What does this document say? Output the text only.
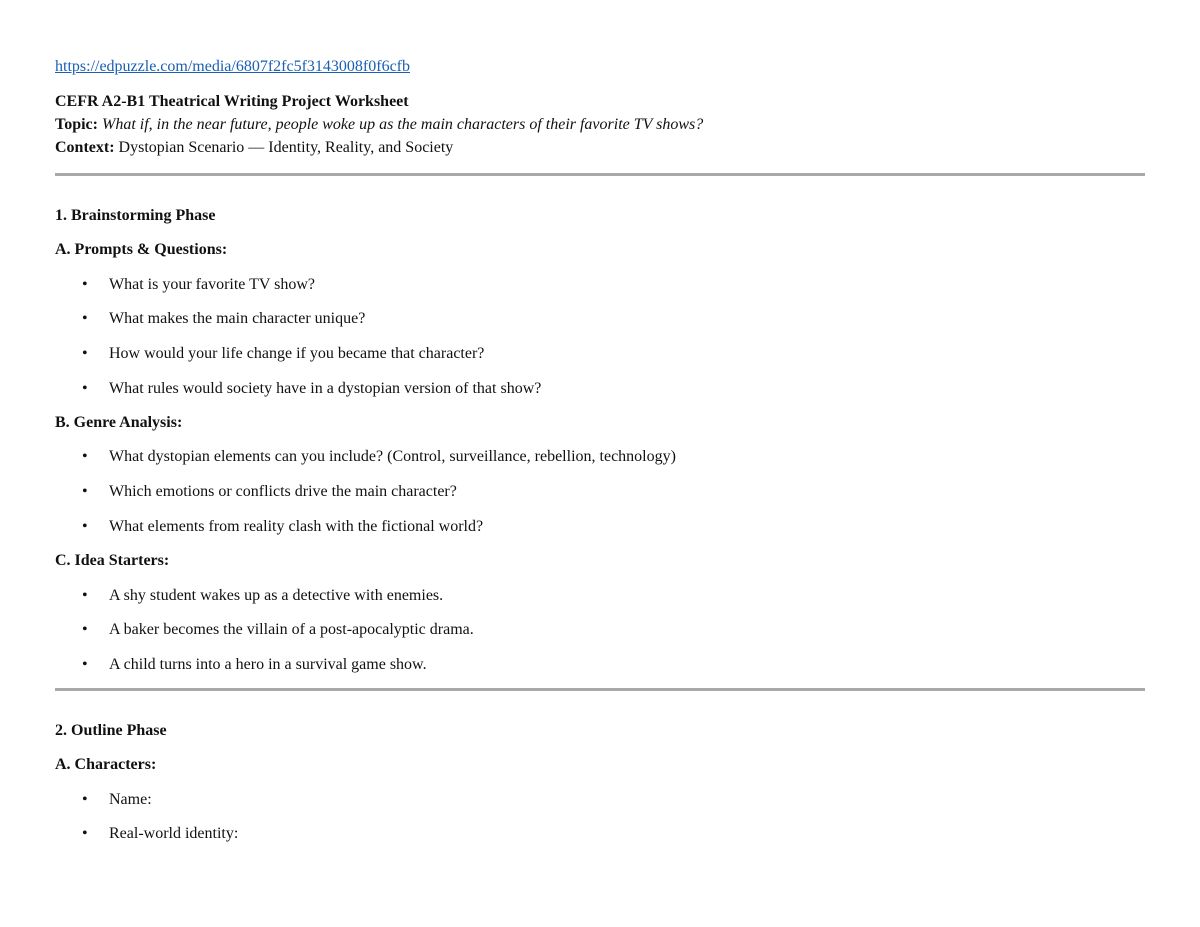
https://edpuzzle.com/media/6807f2fc5f3143008f0f6cfb
CEFR A2-B1 Theatrical Writing Project Worksheet
Topic: What if, in the near future, people woke up as the main characters of their favorite TV shows?
Context: Dystopian Scenario — Identity, Reality, and Society
1. Brainstorming Phase
A. Prompts & Questions:
• What is your favorite TV show?
• What makes the main character unique?
• How would your life change if you became that character?
• What rules would society have in a dystopian version of that show?
B. Genre Analysis:
• What dystopian elements can you include? (Control, surveillance, rebellion, technology)
• Which emotions or conflicts drive the main character?
• What elements from reality clash with the fictional world?
C. Idea Starters:
• A shy student wakes up as a detective with enemies.
• A baker becomes the villain of a post-apocalyptic drama.
• A child turns into a hero in a survival game show.
2. Outline Phase
A. Characters:
• Name:
• Real-world identity:
